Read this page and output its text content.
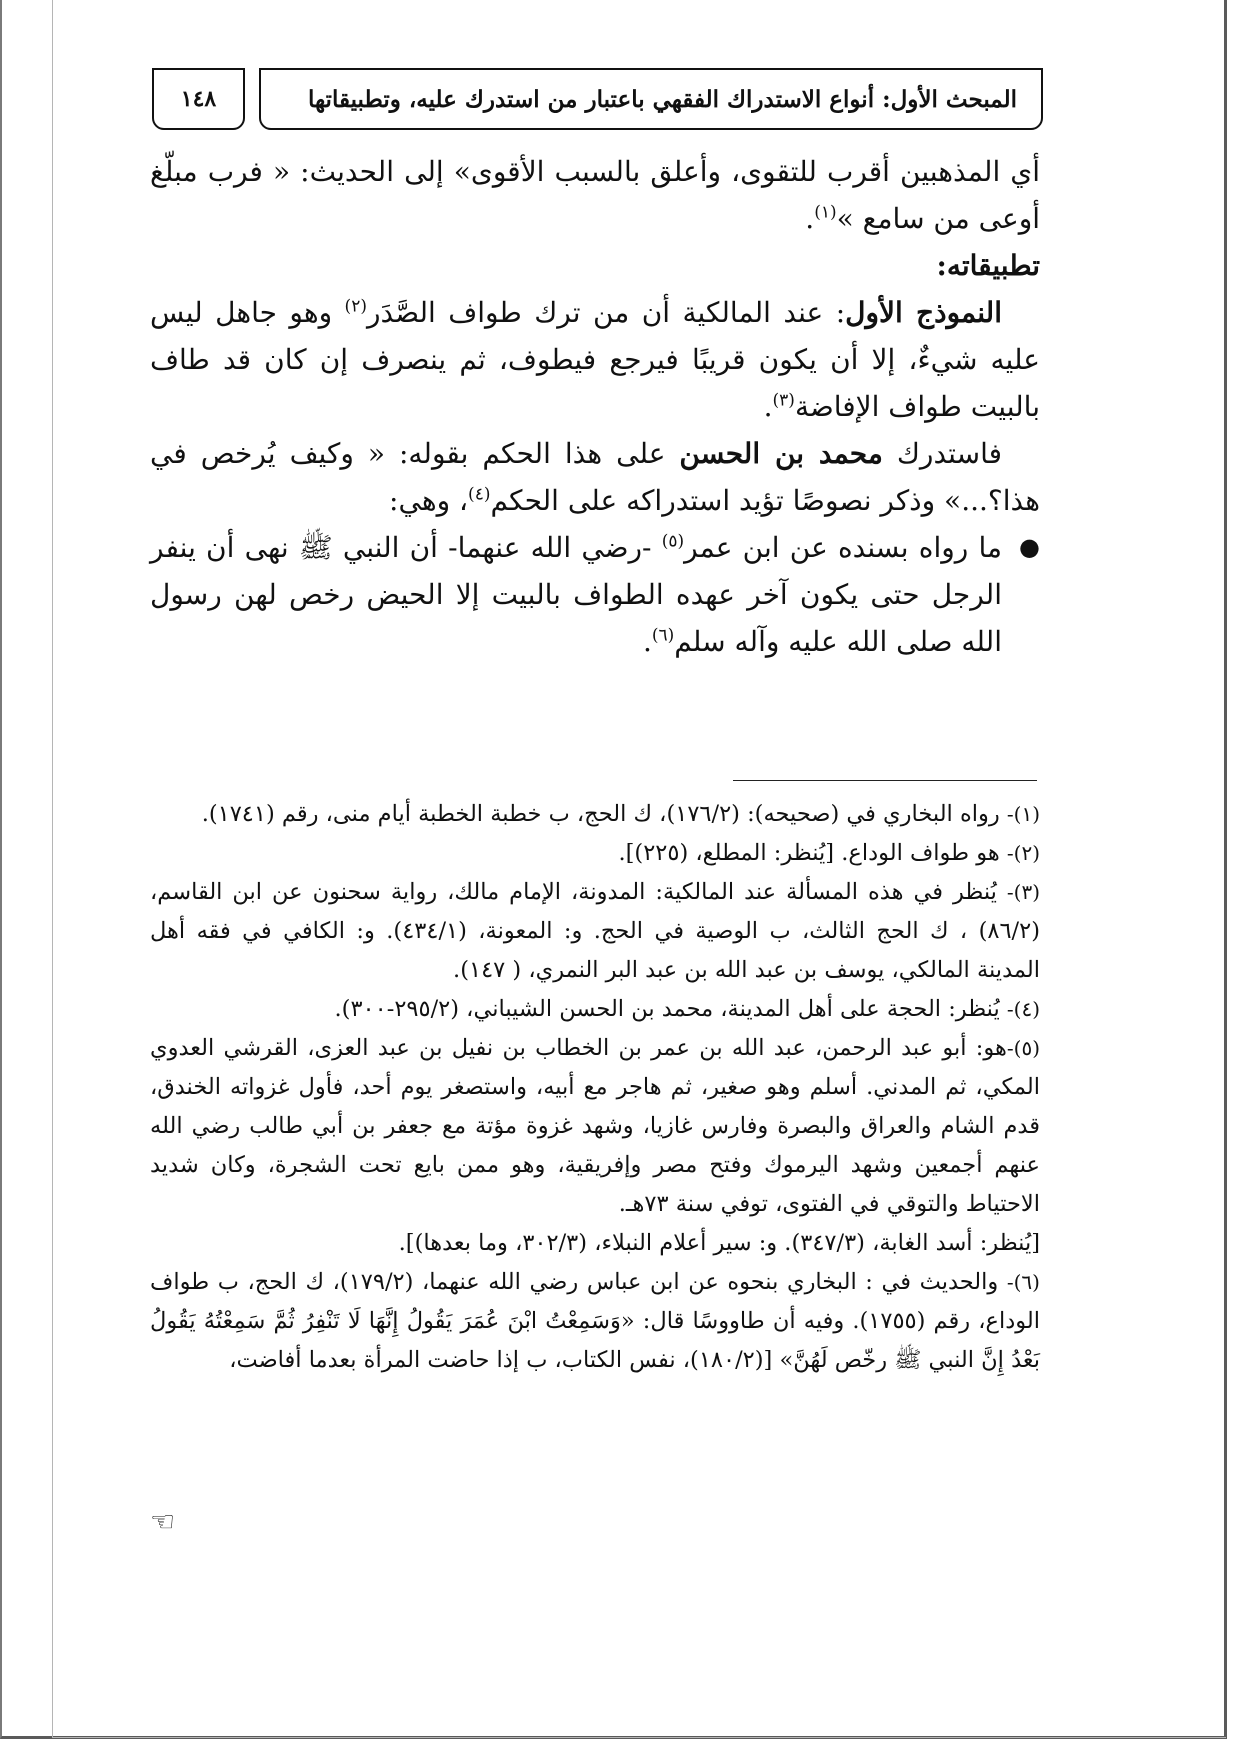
المبحث الأول: أنواع الاستدراك الفقهي باعتبار من استدرك عليه، وتطبيقاتها
١٤٨

أي المذهبين أقرب للتقوى، وأعلق بالسبب الأقوى» إلى الحديث: « فرب مبلّغ أوعى من سامع »$^{(١)}$.

تطبيقاته:

النموذج الأول: عند المالكية أن من ترك طواف الصَّدَر$^{(٢)}$ وهو جاهل ليس عليه شيءٌ، إلا أن يكون قريبًا فيرجع فيطوف، ثم ينصرف إن كان قد طاف بالبيت طواف الإفاضة$^{(٣)}$.

فاستدرك محمد بن الحسن على هذا الحكم بقوله: « وكيف يُرخص في هذا؟...» وذكر نصوصًا تؤيد استدراكه على الحكم$^{(٤)}$، وهي:

●
ما رواه بسنده عن ابن عمر$^{(٥)}$ -رضي الله عنهما- أن النبي ﷺ نهى أن ينفر الرجل حتى يكون آخر عهده الطواف بالبيت إلا الحيض رخص لهن رسول الله صلى الله عليه وآله سلم$^{(٦)}$.

(١)- رواه البخاري في (صحيحه): (١٧٦/٢)، ك الحج، ب خطبة الخطبة أيام منى، رقم (١٧٤١).

(٢)- هو طواف الوداع. [يُنظر: المطلع، (٢٢٥)].

(٣)- يُنظر في هذه المسألة عند المالكية: المدونة، الإمام مالك، رواية سحنون عن ابن القاسم، (٨٦/٢) ، ك الحج الثالث، ب الوصية في الحج. و: المعونة، (٤٣٤/١). و: الكافي في فقه أهل المدينة المالكي، يوسف بن عبد الله بن عبد البر النمري، ( ١٤٧).

(٤)- يُنظر: الحجة على أهل المدينة، محمد بن الحسن الشيباني، (٢٩٥/٢-٣٠٠).

(٥)-هو: أبو عبد الرحمن، عبد الله بن عمر بن الخطاب بن نفيل بن عبد العزى، القرشي العدوي المكي، ثم المدني. أسلم وهو صغير، ثم هاجر مع أبيه، واستصغر يوم أحد، فأول غزواته الخندق، قدم الشام والعراق والبصرة وفارس غازيا، وشهد غزوة مؤتة مع جعفر بن أبي طالب رضي الله عنهم أجمعين وشهد اليرموك وفتح مصر وإفريقية، وهو ممن بايع تحت الشجرة، وكان شديد الاحتياط والتوقي في الفتوى، توفي سنة ٧٣هـ.

[يُنظر: أسد الغابة، (٣٤٧/٣). و: سير أعلام النبلاء، (٣٠٢/٣، وما بعدها)].

(٦)- والحديث في : البخاري بنحوه عن ابن عباس رضي الله عنهما، (١٧٩/٢)، ك الحج، ب طواف الوداع، رقم (١٧٥٥). وفيه أن طاووسًا قال: «وَسَمِعْتُ ابْنَ عُمَرَ يَقُولُ إِنَّهَا لَا تَنْفِرُ ثُمَّ سَمِعْتُهُ يَقُولُ بَعْدُ إِنَّ النبي ﷺ رخّص لَهُنَّ» [(١٨٠/٢)، نفس الكتاب، ب إذا حاضت المرأة بعدما أفاضت،

☜
